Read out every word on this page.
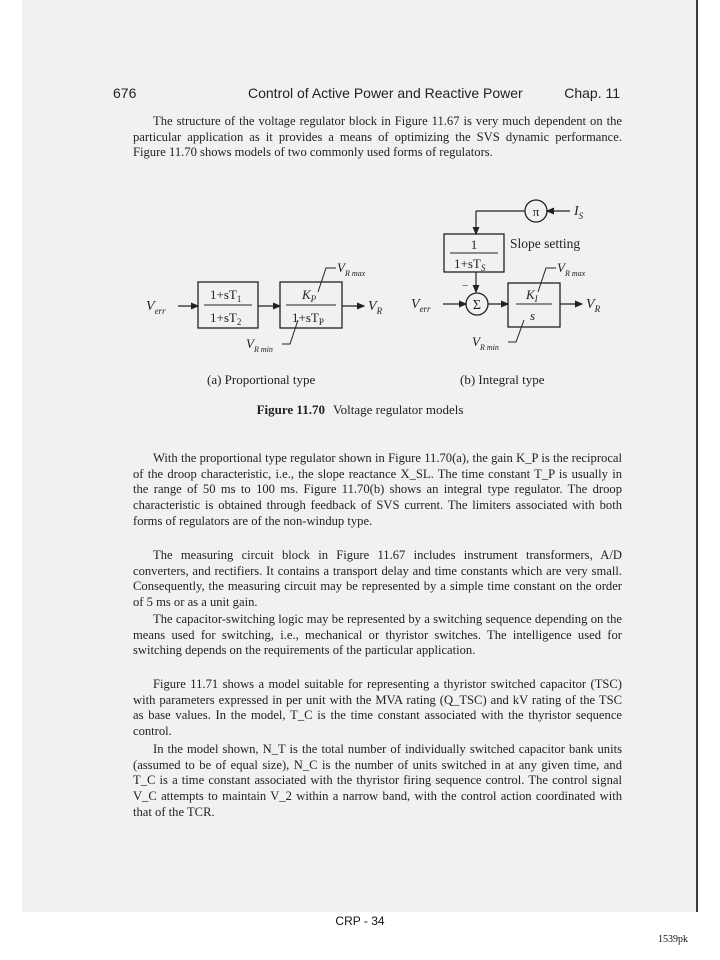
676	Control of Active Power and Reactive Power	Chap. 11

The structure of the voltage regulator block in Figure 11.67 is very much dependent on the particular application as it provides a means of optimizing the SVS dynamic performance. Figure 11.70 shows models of two commonly used forms of regulators.

$V_{err}$
$1+sT_1$
$1+sT_2$
$K_P$
$1+sT_P$
$V_R$
$V_{R max}$
$V_{R min}$
$V_{err}$	Σ
−
$K_I$
s
$V_R$
$V_{R max}$
$V_{R min}$
π $I_S$
1
$1+sT_S$
Slope setting
(a) Proportional type	(b) Integral type
Figure 11.70 Voltage regulator models

With the proportional type regulator shown in Figure 11.70(a), the gain K_P is the reciprocal of the droop characteristic, i.e., the slope reactance X_SL. The time constant T_P is usually in the range of 50 ms to 100 ms. Figure 11.70(b) shows an integral type regulator. The droop characteristic is obtained through feedback of SVS current. The limiters associated with both forms of regulators are of the non-windup type.

The measuring circuit block in Figure 11.67 includes instrument transformers, A/D converters, and rectifiers. It contains a transport delay and time constants which are very small. Consequently, the measuring circuit may be represented by a simple time constant on the order of 5 ms or as a unit gain.

The capacitor-switching logic may be represented by a switching sequence depending on the means used for switching, i.e., mechanical or thyristor switches. The intelligence used for switching depends on the requirements of the particular application.

Figure 11.71 shows a model suitable for representing a thyristor switched capacitor (TSC) with parameters expressed in per unit with the MVA rating (Q_TSC) and kV rating of the TSC as base values. In the model, T_C is the time constant associated with the thyristor sequence control.

In the model shown, N_T is the total number of individually switched capacitor bank units (assumed to be of equal size), N_C is the number of units switched in at any given time, and T_C is a time constant associated with the thyristor firing sequence control. The control signal V_C attempts to maintain V_2 within a narrow band, with the control action coordinated with that of the TCR.

CRP - 34
1539pk
